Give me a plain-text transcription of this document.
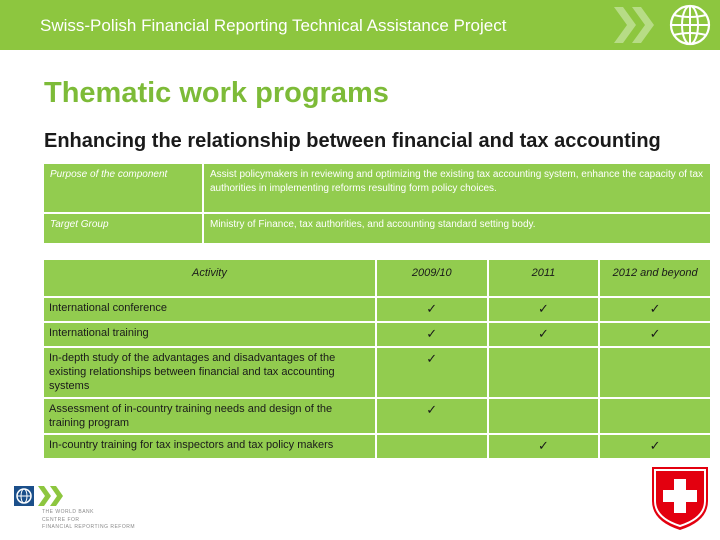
Swiss-Polish Financial Reporting Technical Assistance Project
Thematic work programs
Enhancing the relationship between financial and tax accounting
Purpose of the component	Assist policymakers in reviewing and optimizing the existing tax accounting system, enhance the capacity of tax authorities in implementing reforms resulting form policy choices.
Target Group	Ministry of Finance, tax authorities, and accounting standard setting body.
Activity	2009/10	2011	2012 and beyond
International conference	✓	✓	✓
International training	✓	✓	✓
In-depth study of the advantages and disadvantages of the existing relationships between financial and tax accounting systems	✓		
Assessment of in-country training needs and design of the training program	✓		
In-country training for tax inspectors and tax policy makers		✓	✓
THE WORLD BANK
CENTRE FOR
FINANCIAL REPORTING REFORM
